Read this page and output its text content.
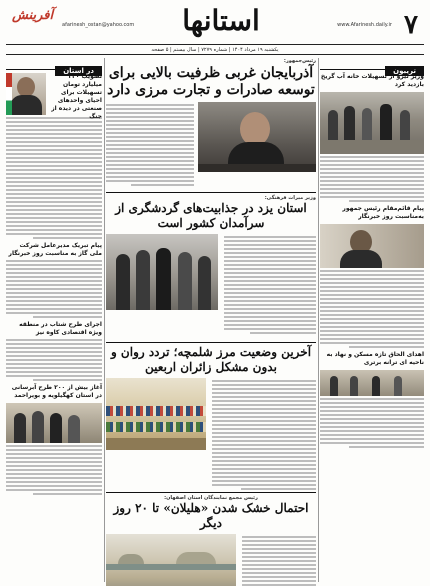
۷
www.Afarinesh.daily.ir
استانها
afarinesh_ostan@yahoo.com
آفرینش
یکشنبه ۱۹ مرداد ۱۴۰۴ | شماره ۷۲۷۹ | سال بیستم | ۵ صفحه
تریبون
وزیر نیرو از تسهیلات خانه آب گریخ بازدید کرد
پیام قائم‌مقام رئیس جمهور به‌مناسبت روز خبرنگار
اهدای الحاق‌ تازه مسکن و نهاد به ناحیه ای ترانه برتری
رئیس‌جمهور:
آذربایجان غربی ظرفیت بالایی برای توسعه صادرات و تجارت مرزی دارد
وزیر میراث فرهنگی:
استان یزد در جذابیت‌های گردشگری از سرآمدان کشور است
آخرین وضعیت مرز شلمچه؛ تردد روان و بدون مشکل زائران اربعین
رئیس مجمع نمایندگان استان اصفهان:
احتمال خشک شدن «هلیلان» تا ۲۰ روز دیگر
در استان
تصویب ۲۴۰ میلیارد تومان تسهیلات برای احیای واحدهای صنعتی در دیده از جنگ
پیام تبریک مدیرعامل شرکت ملی گاز به مناسبت روز خبرنگار
اجرای طرح شتاب در منطقه ویژه اقتصادی کاوه نیز
آغاز بیش از ۲۰۰ طرح آبرسانی در استان کهگیلویه و بویراحمد
